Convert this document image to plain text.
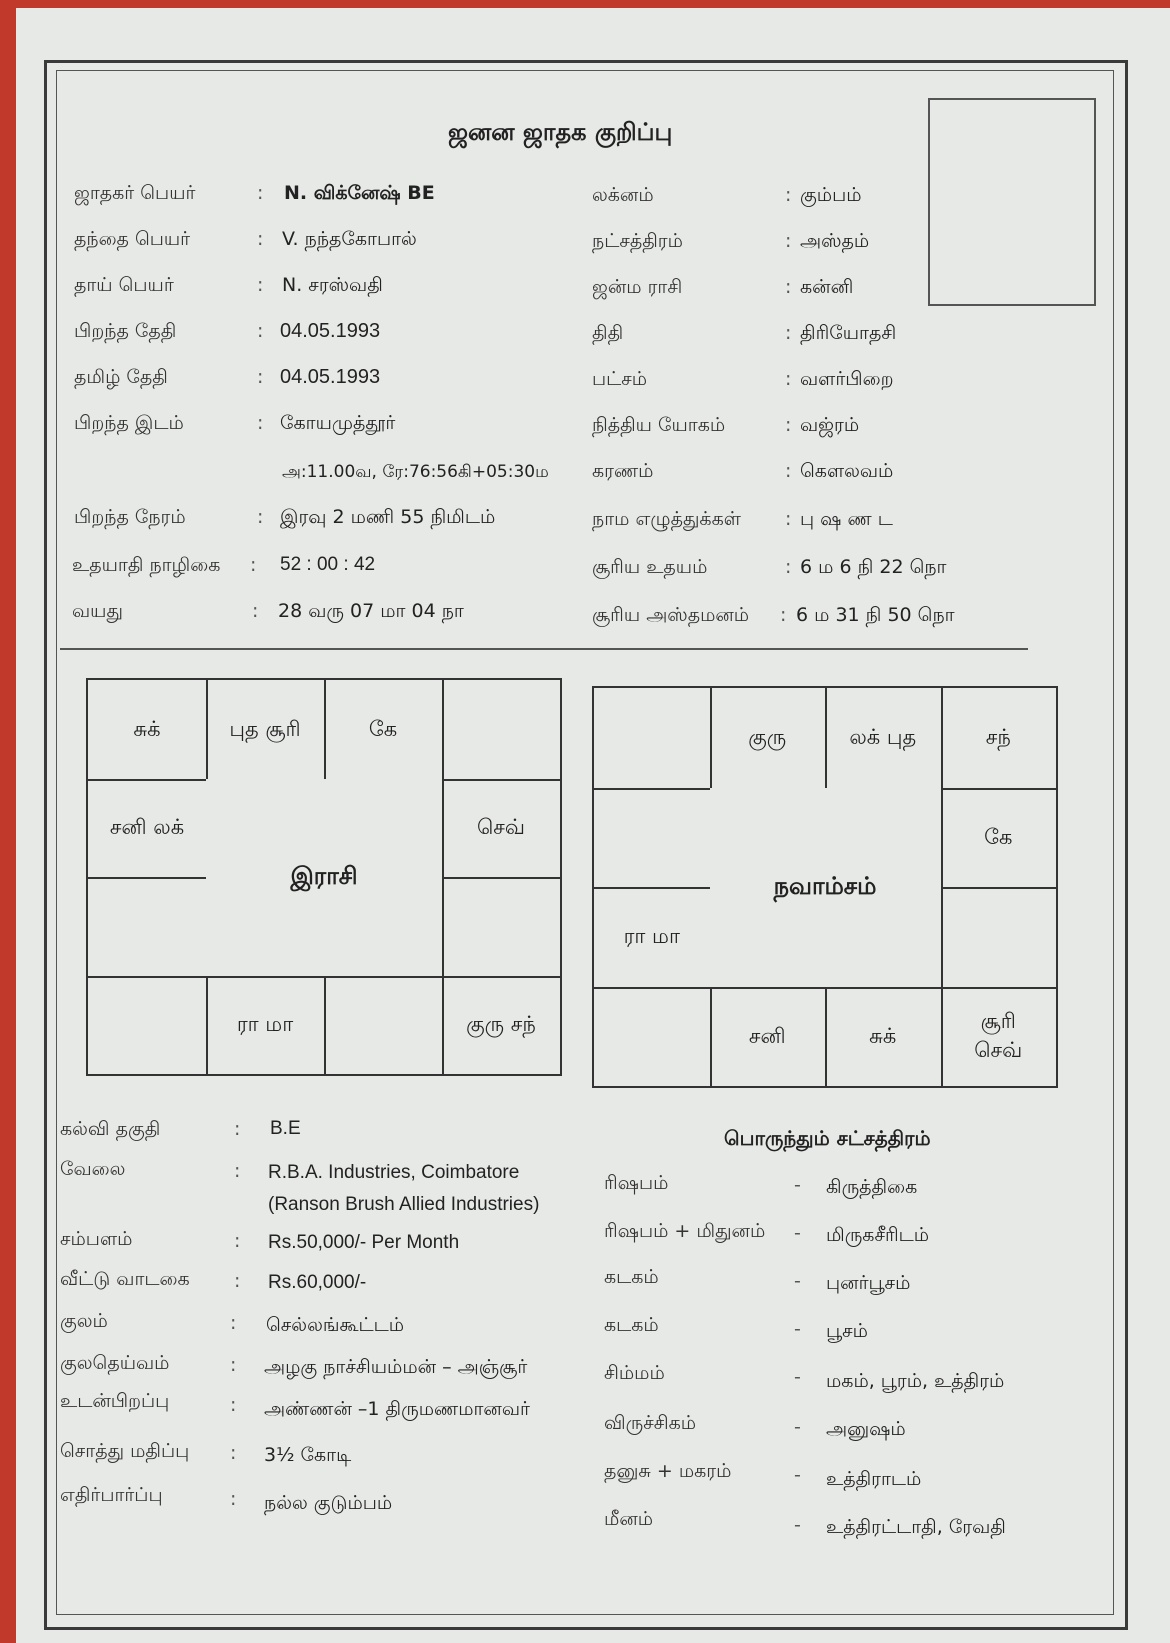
ஜனன ஜாதக குறிப்பு
ஜாதகர் பெயர்	: N. விக்னேஷ் BE
தந்தை பெயர்	: V. நந்தகோபால்
தாய் பெயர்	: N. சரஸ்வதி
பிறந்த தேதி	: 04.05.1993
தமிழ் தேதி	: 04.05.1993
பிறந்த இடம்	: கோயமுத்தூர்
அ:11.00வ, ரே:76:56கி+05:30ம
பிறந்த நேரம்	: இரவு 2 மணி 55 நிமிடம்
உதயாதி நாழிகை : 52 : 00 : 42
வயது	: 28 வரு 07 மா 04 நா
லக்னம்	: கும்பம்
நட்சத்திரம்	: அஸ்தம்
ஜன்ம ராசி	: கன்னி
திதி	: திரியோதசி
பட்சம்	: வளர்பிறை
நித்திய யோகம்	: வஜ்ரம்
கரணம்	: கௌலவம்
நாம எழுத்துக்கள் : பு ஷ ண ட
சூரிய உதயம்	: 6 ம 6 நி 22 நொ
சூரிய அஸ்தமனம் : 6 ம 31 நி 50 நொ
இராசி
சுக்	புத சூரி	கே
சனி லக்	செவ்
ரா மா	குரு சந்
நவாம்சம்
குரு	லக் புத	சந்
கே
ரா மா
சனி	சுக்
சூரி செவ்
கல்வி தகுதி	: B.E
வேலை	: R.B.A. Industries, Coimbatore
(Ranson Brush Allied Industries)
சம்பளம்	: Rs.50,000/- Per Month
வீட்டு வாடகை : Rs.60,000/-
குலம்	: செல்லங்கூட்டம்
குலதெய்வம்	: அழகு நாச்சியம்மன் – அஞ்சூர்
உடன்பிறப்பு	: அண்ணன் –1 திருமணமானவர்
சொத்து மதிப்பு : 3½ கோடி
எதிர்பார்ப்பு	: நல்ல குடும்பம்
பொருந்தும் சட்சத்திரம்
ரிஷபம்	- கிருத்திகை
ரிஷபம் + மிதுனம் - மிருகசீரிடம்
கடகம்	- புனர்பூசம்
கடகம்	- பூசம்
சிம்மம்	- மகம், பூரம், உத்திரம்
விருச்சிகம்	- அனுஷம்
தனுசு + மகரம்	- உத்திராடம்
மீனம்	- உத்திரட்டாதி, ரேவதி
